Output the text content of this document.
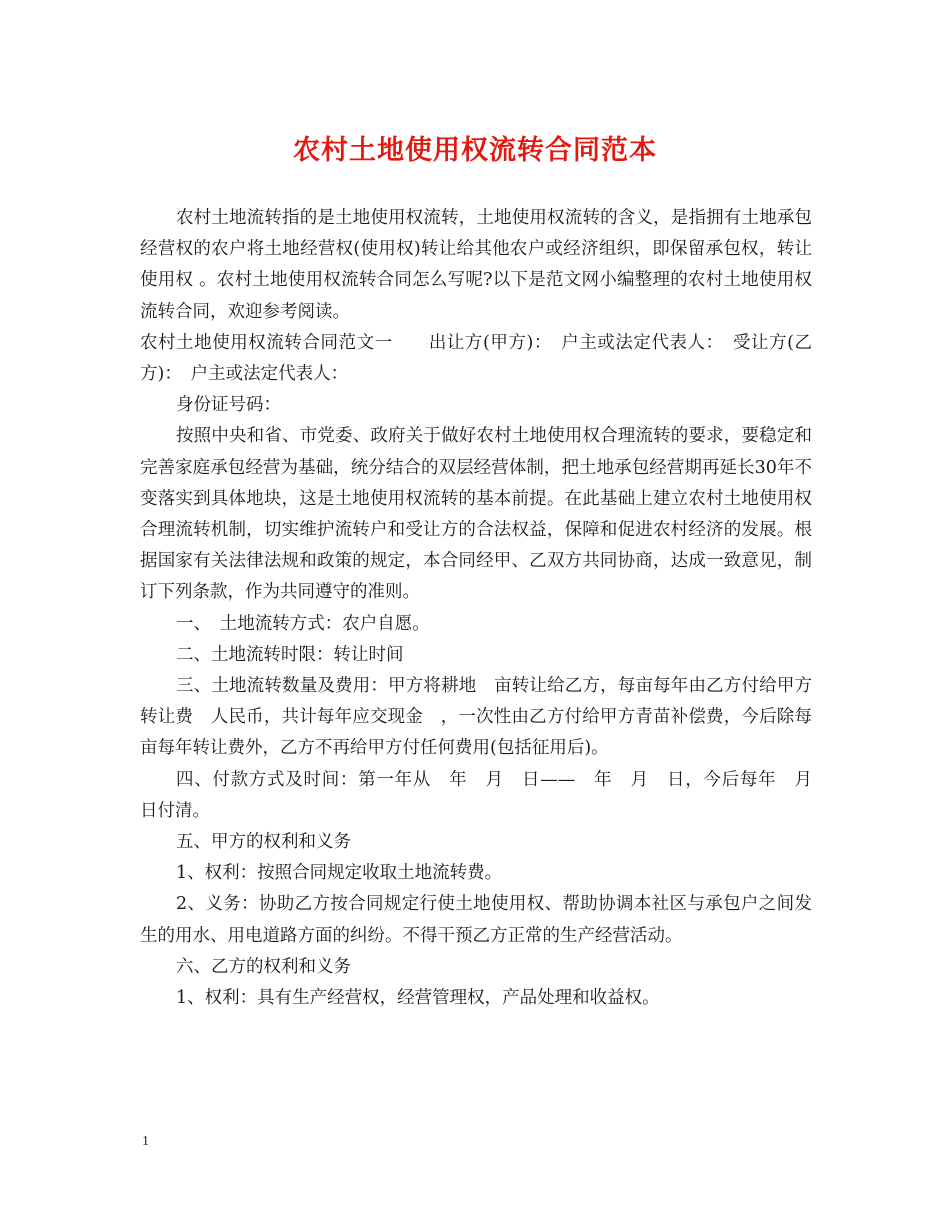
农村土地使用权流转合同范本

农村土地流转指的是土地使用权流转，土地使用权流转的含义，是指拥有土地承包经营权的农户将土地经营权(使用权)转让给其他农户或经济组织，即保留承包权，转让使用权 。农村土地使用权流转合同怎么写呢?以下是范文网小编整理的农村土地使用权流转合同，欢迎参考阅读。

农村土地使用权流转合同范文一　　出让方(甲方)：　户主或法定代表人：　受让方(乙方)：　户主或法定代表人：

身份证号码：

按照中央和省、市党委、政府关于做好农村土地使用权合理流转的要求，要稳定和完善家庭承包经营为基础，统分结合的双层经营体制，把土地承包经营期再延长30年不变落实到具体地块，这是土地使用权流转的基本前提。在此基础上建立农村土地使用权合理流转机制，切实维护流转户和受让方的合法权益，保障和促进农村经济的发展。根据国家有关法律法规和政策的规定，本合同经甲、乙双方共同协商，达成一致意见，制订下列条款，作为共同遵守的准则。

一、　土地流转方式：农户自愿。

二、土地流转时限：转让时间

三、土地流转数量及费用：甲方将耕地　亩转让给乙方，每亩每年由乙方付给甲方转让费　人民币，共计每年应交现金　，一次性由乙方付给甲方青苗补偿费，今后除每亩每年转让费外，乙方不再给甲方付任何费用(包括征用后)。

四、付款方式及时间：第一年从　年　月　日——　年　月　日，今后每年　月　日付清。

五、甲方的权利和义务

1、权利：按照合同规定收取土地流转费。

2、义务：协助乙方按合同规定行使土地使用权、帮助协调本社区与承包户之间发生的用水、用电道路方面的纠纷。不得干预乙方正常的生产经营活动。

六、乙方的权利和义务

1、权利：具有生产经营权，经营管理权，产品处理和收益权。

1
